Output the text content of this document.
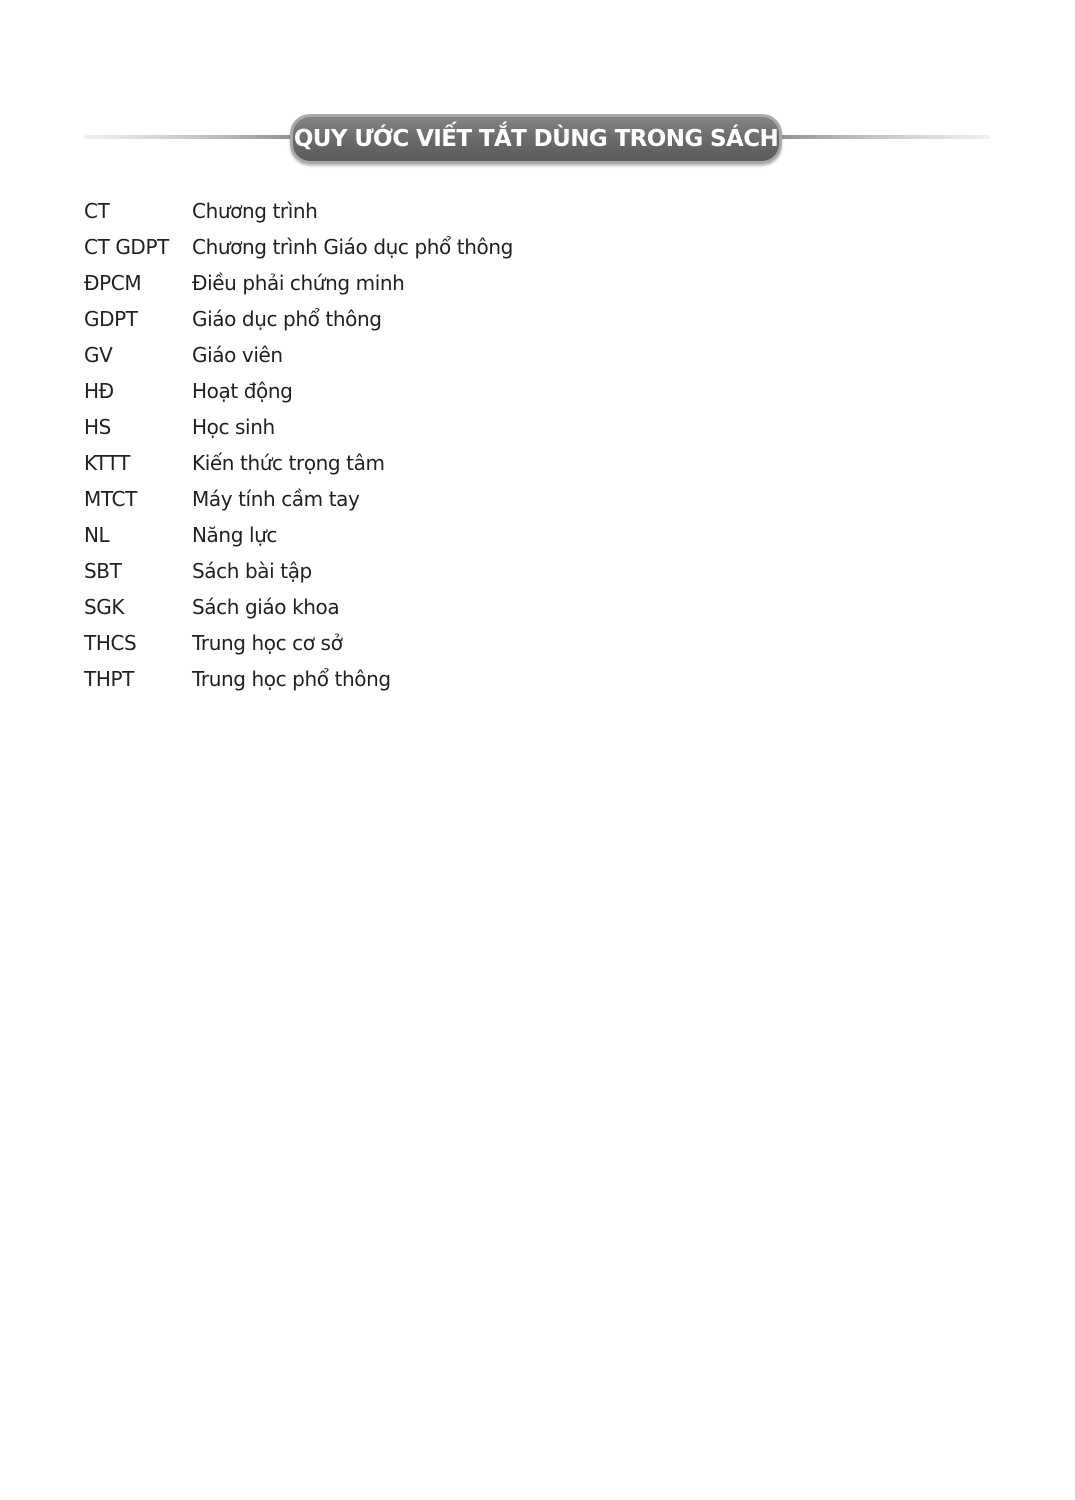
QUY ƯỚC VIẾT TẮT DÙNG TRONG SÁCH
CT	Chương trình
CT GDPT	Chương trình Giáo dục phổ thông
ĐPCM	Điều phải chứng minh
GDPT	Giáo dục phổ thông
GV	Giáo viên
HĐ	Hoạt động
HS	Học sinh
KTTT	Kiến thức trọng tâm
MTCT	Máy tính cầm tay
NL	Năng lực
SBT	Sách bài tập
SGK	Sách giáo khoa
THCS	Trung học cơ sở
THPT	Trung học phổ thông
